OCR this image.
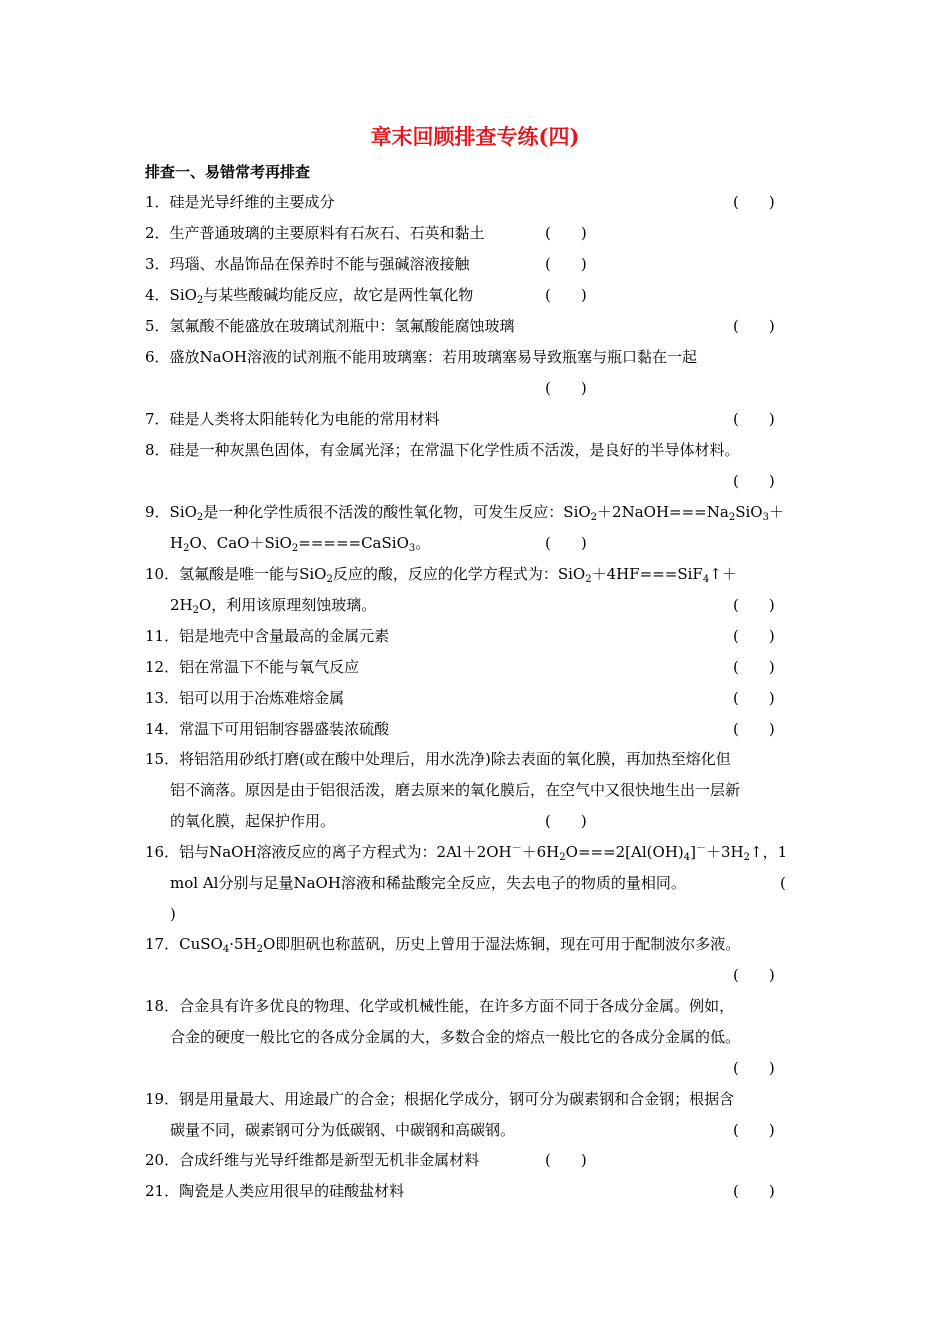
章末回顾排查专练(四)
排查一、易错常考再排查
1．硅是光导纤维的主要成分	(　　)
2．生产普通玻璃的主要原料有石灰石、石英和黏土	(　　)
3．玛瑙、水晶饰品在保养时不能与强碱溶液接触	(　　)
4．SiO$_2$与某些酸碱均能反应，故它是两性氧化物	(　　)
5．氢氟酸不能盛放在玻璃试剂瓶中：氢氟酸能腐蚀玻璃	(　　)
6．盛放NaOH溶液的试剂瓶不能用玻璃塞：若用玻璃塞易导致瓶塞与瓶口黏在一起
(　　)
7．硅是人类将太阳能转化为电能的常用材料	(　　)
8．硅是一种灰黑色固体，有金属光泽；在常温下化学性质不活泼，是良好的半导体材料。
(　　)
9．SiO$_2$是一种化学性质很不活泼的酸性氧化物，可发生反应：$SiO_2+2NaOH===Na_2SiO_3+$
$H_2O$、CaO＋SiO$_2$=====CaSiO$_3$。	(　　)
10．氢氟酸是唯一能与SiO$_2$反应的酸，反应的化学方程式为：SiO$_2$＋4HF===SiF$_4$↑＋
$2H_2O$，利用该原理刻蚀玻璃。	(　　)
11．铝是地壳中含量最高的金属元素	(　　)
12．铝在常温下不能与氧气反应	(　　)
13．铝可以用于冶炼难熔金属	(　　)
14．常温下可用铝制容器盛装浓硫酸	(　　)
15．将铝箔用砂纸打磨(或在酸中处理后，用水洗净)除去表面的氧化膜，再加热至熔化但
铝不滴落。原因是由于铝很活泼，磨去原来的氧化膜后，在空气中又很快地生出一层新
的氧化膜，起保护作用。	(　　)
16．铝与NaOH溶液反应的离子方程式为：$2Al+2OH^-+6H_2O===2[Al(OH)_4]^-+3H_2↑$，1
mol Al分别与足量NaOH溶液和稀盐酸完全反应，失去电子的物质的量相同。	(
)
17．$CuSO_4\cdot 5H_2O$即胆矾也称蓝矾，历史上曾用于湿法炼铜，现在可用于配制波尔多液。
(　　)
18．合金具有许多优良的物理、化学或机械性能，在许多方面不同于各成分金属。例如，
合金的硬度一般比它的各成分金属的大，多数合金的熔点一般比它的各成分金属的低。
(　　)
19．钢是用量最大、用途最广的合金；根据化学成分，钢可分为碳素钢和合金钢；根据含
碳量不同，碳素钢可分为低碳钢、中碳钢和高碳钢。	(　　)
20．合成纤维与光导纤维都是新型无机非金属材料	(　　)
21．陶瓷是人类应用很早的硅酸盐材料	(　　)
